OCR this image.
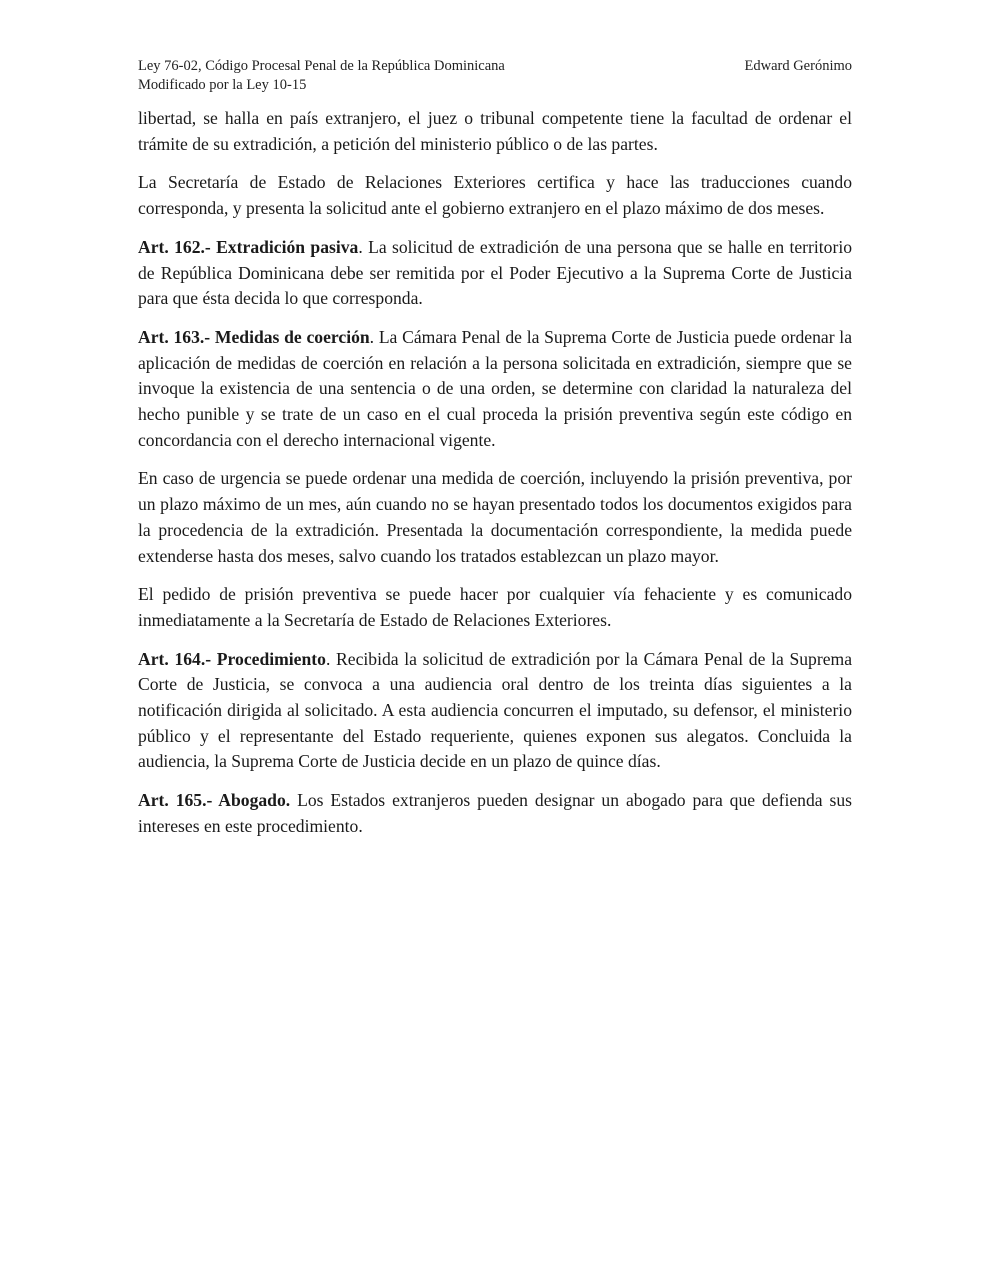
Ley 76-02, Código Procesal Penal de la República Dominicana	Edward Gerónimo
Modificado por la Ley 10-15

libertad, se halla en país extranjero, el juez o tribunal competente tiene la facultad de ordenar el trámite de su extradición, a petición del ministerio público o de las partes.

La Secretaría de Estado de Relaciones Exteriores certifica y hace las traducciones cuando corresponda, y presenta la solicitud ante el gobierno extranjero en el plazo máximo de dos meses.

Art. 162.- Extradición pasiva. La solicitud de extradición de una persona que se halle en territorio de República Dominicana debe ser remitida por el Poder Ejecutivo a la Suprema Corte de Justicia para que ésta decida lo que corresponda.

Art. 163.- Medidas de coerción. La Cámara Penal de la Suprema Corte de Justicia puede ordenar la aplicación de medidas de coerción en relación a la persona solicitada en extradición, siempre que se invoque la existencia de una sentencia o de una orden, se determine con claridad la naturaleza del hecho punible y se trate de un caso en el cual proceda la prisión preventiva según este código en concordancia con el derecho internacional vigente.

En caso de urgencia se puede ordenar una medida de coerción, incluyendo la prisión preventiva, por un plazo máximo de un mes, aún cuando no se hayan presentado todos los documentos exigidos para la procedencia de la extradición. Presentada la documentación correspondiente, la medida puede extenderse hasta dos meses, salvo cuando los tratados establezcan un plazo mayor.

El pedido de prisión preventiva se puede hacer por cualquier vía fehaciente y es comunicado inmediatamente a la Secretaría de Estado de Relaciones Exteriores.

Art. 164.- Procedimiento. Recibida la solicitud de extradición por la Cámara Penal de la Suprema Corte de Justicia, se convoca a una audiencia oral dentro de los treinta días siguientes a la notificación dirigida al solicitado. A esta audiencia concurren el imputado, su defensor, el ministerio público y el representante del Estado requeriente, quienes exponen sus alegatos. Concluida la audiencia, la Suprema Corte de Justicia decide en un plazo de quince días.

Art. 165.- Abogado. Los Estados extranjeros pueden designar un abogado para que defienda sus intereses en este procedimiento.
